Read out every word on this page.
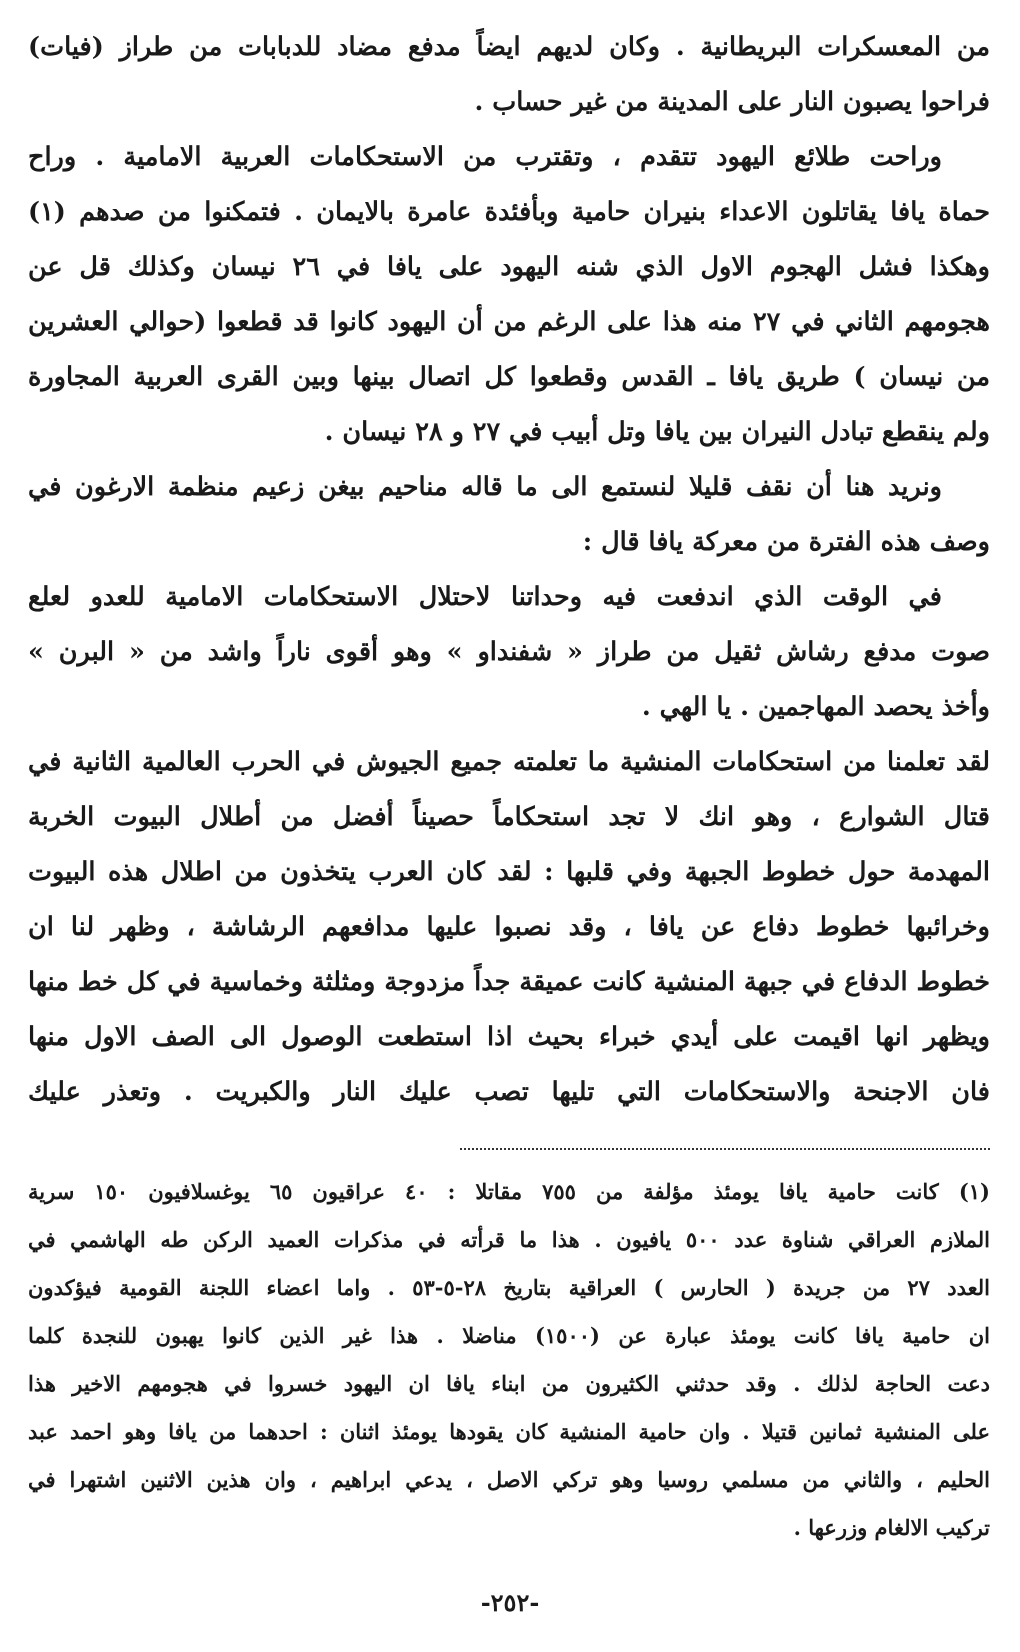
من المعسكرات البريطانية . وكان لديهم ايضاً مدفع مضاد للدبابات من طراز (فيات)
فراحوا يصبون النار على المدينة من غير حساب .
وراحت طلائع اليهود تتقدم ، وتقترب من الاستحكامات العربية الامامية . وراح
حماة يافا يقاتلون الاعداء بنيران حامية وبأفئدة عامرة بالايمان . فتمكنوا من صدهم (١)
وهكذا فشل الهجوم الاول الذي شنه اليهود على يافا في ٢٦ نيسان وكذلك قل عن
هجومهم الثاني في ٢٧ منه هذا على الرغم من أن اليهود كانوا قد قطعوا (حوالي العشرين
من نيسان ) طريق يافا ـ القدس وقطعوا كل اتصال بينها وبين القرى العربية المجاورة
ولم ينقطع تبادل النيران بين يافا وتل أبيب في ٢٧ و ٢٨ نيسان .
ونريد هنا أن نقف قليلا لنستمع الى ما قاله مناحيم بيغن زعيم منظمة الارغون في
وصف هذه الفترة من معركة يافا قال :
في الوقت الذي اندفعت فيه وحداتنا لاحتلال الاستحكامات الامامية للعدو لعلع
صوت مدفع رشاش ثقيل من طراز « شفنداو » وهو أقوى ناراً واشد من « البرن »
وأخذ يحصد المهاجمين . يا الهي .
لقد تعلمنا من استحكامات المنشية ما تعلمته جميع الجيوش في الحرب العالمية الثانية في
قتال الشوارع ، وهو انك لا تجد استحكاماً حصيناً أفضل من أطلال البيوت الخربة
المهدمة حول خطوط الجبهة وفي قلبها : لقد كان العرب يتخذون من اطلال هذه البيوت
وخرائبها خطوط دفاع عن يافا ، وقد نصبوا عليها مدافعهم الرشاشة ، وظهر لنا ان
خطوط الدفاع في جبهة المنشية كانت عميقة جداً مزدوجة ومثلثة وخماسية في كل خط منها
ويظهر انها اقيمت على أيدي خبراء بحيث اذا استطعت الوصول الى الصف الاول منها
فان الاجنحة والاستحكامات التي تليها تصب عليك النار والكبريت . وتعذر عليك
(١) كانت حامية يافا يومئذ مؤلفة من ٧٥٥ مقاتلا : ٤٠ عراقيون ٦٥ يوغسلافيون ١٥٠ سرية
الملازم العراقي شناوة عدد ٥٠٠ يافيون . هذا ما قرأته في مذكرات العميد الركن طه الهاشمي في
العدد ٢٧ من جريدة ( الحارس ) العراقية بتاريخ ٢٨-٥-٥٣ . واما اعضاء اللجنة القومية فيؤكدون
ان حامية يافا كانت يومئذ عبارة عن (١٥٠٠) مناضلا . هذا غير الذين كانوا يهبون للنجدة كلما
دعت الحاجة لذلك . وقد حدثني الكثيرون من ابناء يافا ان اليهود خسروا في هجومهم الاخير هذا
على المنشية ثمانين قتيلا . وان حامية المنشية كان يقودها يومئذ اثنان : احدهما من يافا وهو احمد عبد
الحليم ، والثاني من مسلمي روسيا وهو تركي الاصل ، يدعي ابراهيم ، وان هذين الاثنين اشتهرا في
تركيب الالغام وزرعها .
-٢٥٢-
